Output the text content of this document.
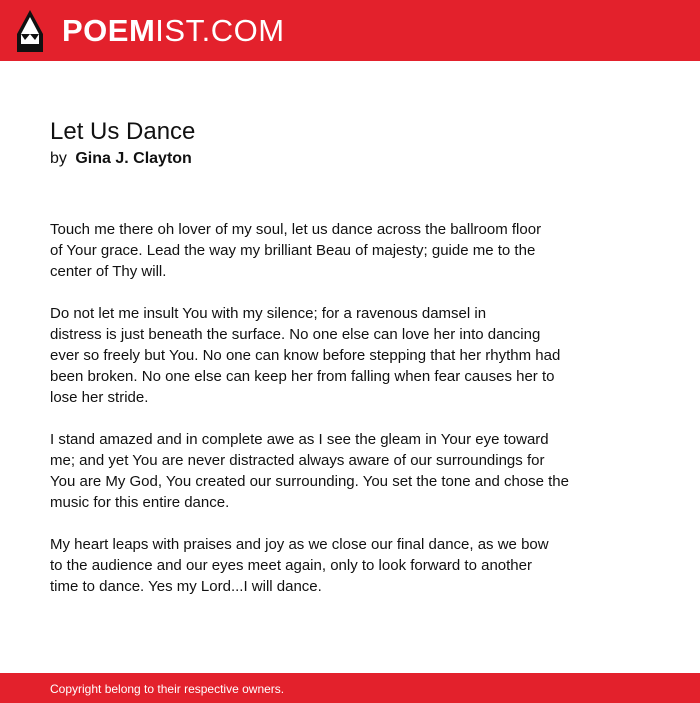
POEMIST.COM
Let Us Dance
by Gina J. Clayton

Touch me there oh lover of my soul, let us dance across the ballroom floor
of Your grace. Lead the way my brilliant Beau of majesty; guide me to the
center of Thy will.

Do not let me insult You with my silence; for a ravenous damsel in
distress is just beneath the surface. No one else can love her into dancing
ever so freely but You. No one can know before stepping that her rhythm had
been broken. No one else can keep her from falling when fear causes her to
lose her stride.

I stand amazed and in complete awe as I see the gleam in Your eye toward
me; and yet You are never distracted always aware of our surroundings for
You are My God, You created our surrounding. You set the tone and chose the
music for this entire dance.

My heart leaps with praises and joy as we close our final dance, as we bow
to the audience and our eyes meet again, only to look forward to another
time to dance. Yes my Lord...I will dance.

Copyright belong to their respective owners.
